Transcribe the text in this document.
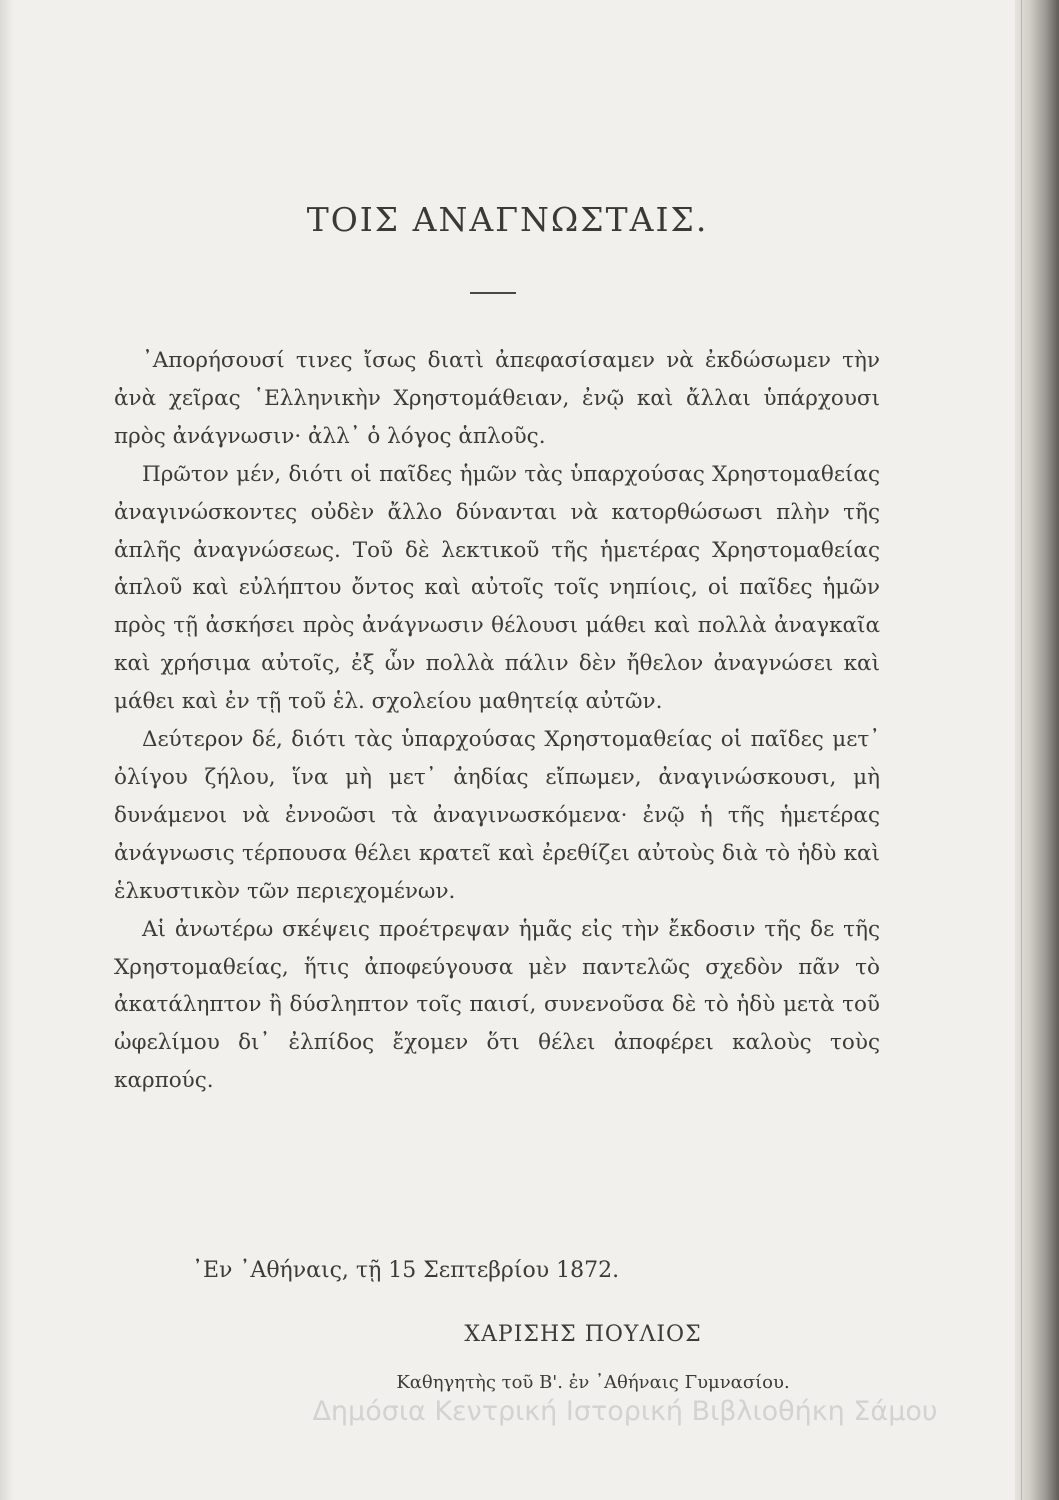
ΤΟΙΣ ΑΝΑΓΝΩΣΤΑΙΣ.

᾿Απορήσουσί τινες ἴσως διατὶ ἀπεφασίσαμεν νὰ ἐκδώσωμεν τὴν ἀνὰ χεῖρας ῾Ελληνικὴν Χρηστομάθειαν, ἐνῷ καὶ ἄλλαι ὑπάρχουσι πρὸς ἀνάγνωσιν· ἀλλ᾿ ὁ λόγος ἁπλοῦς.

Πρῶτον μέν, διότι οἱ παῖδες ἡμῶν τὰς ὑπαρχούσας Χρηστομαθείας ἀναγινώσκοντες οὐδὲν ἄλλο δύνανται νὰ κατορθώσωσι πλὴν τῆς ἁπλῆς ἀναγνώσεως. Τοῦ δὲ λεκτικοῦ τῆς ἡμετέρας Χρηστομαθείας ἁπλοῦ καὶ εὐλήπτου ὄντος καὶ αὐτοῖς τοῖς νηπίοις, οἱ παῖδες ἡμῶν πρὸς τῇ ἀσκήσει πρὸς ἀνάγνωσιν θέλουσι μάθει καὶ πολλὰ ἀναγκαῖα καὶ χρήσιμα αὐτοῖς, ἐξ ὧν πολλὰ πάλιν δὲν ἤθελον ἀναγνώσει καὶ μάθει καὶ ἐν τῇ τοῦ ἑλ. σχολείου μαθητείᾳ αὐτῶν.

Δεύτερον δέ, διότι τὰς ὑπαρχούσας Χρηστομαθείας οἱ παῖδες μετ᾿ ὀλίγου ζήλου, ἵνα μὴ μετ᾿ ἀηδίας εἴπωμεν, ἀναγινώσκουσι, μὴ δυνάμενοι νὰ ἐννοῶσι τὰ ἀναγινωσκόμενα· ἐνῷ ἡ τῆς ἡμετέρας ἀνάγνωσις τέρπουσα θέλει κρατεῖ καὶ ἐρεθίζει αὐτοὺς διὰ τὸ ἡδὺ καὶ ἑλκυστικὸν τῶν περιεχομένων.

Αἱ ἀνωτέρω σκέψεις προέτρεψαν ἡμᾶς εἰς τὴν ἔκδοσιν τῆς δε τῆς Χρηστομαθείας, ἥτις ἀποφεύγουσα μὲν παντελῶς σχεδὸν πᾶν τὸ ἀκατάληπτον ἢ δύσληπτον τοῖς παισί, συνενοῦσα δὲ τὸ ἡδὺ μετὰ τοῦ ὠφελίμου δι᾿ ἐλπίδος ἔχομεν ὅτι θέλει ἀποφέρει καλοὺς τοὺς καρπούς.

᾿Εν ᾿Αθήναις, τῇ 15 Σεπτεβρίου 1872.
ΧΑΡΙΣΗΣ ΠΟΥΛΙΟΣ
Καθηγητὴς τοῦ Β'. ἐν ᾿Αθήναις Γυμνασίου.
Δημόσια Κεντρική Ιστορική Βιβλιοθήκη Σάμου
